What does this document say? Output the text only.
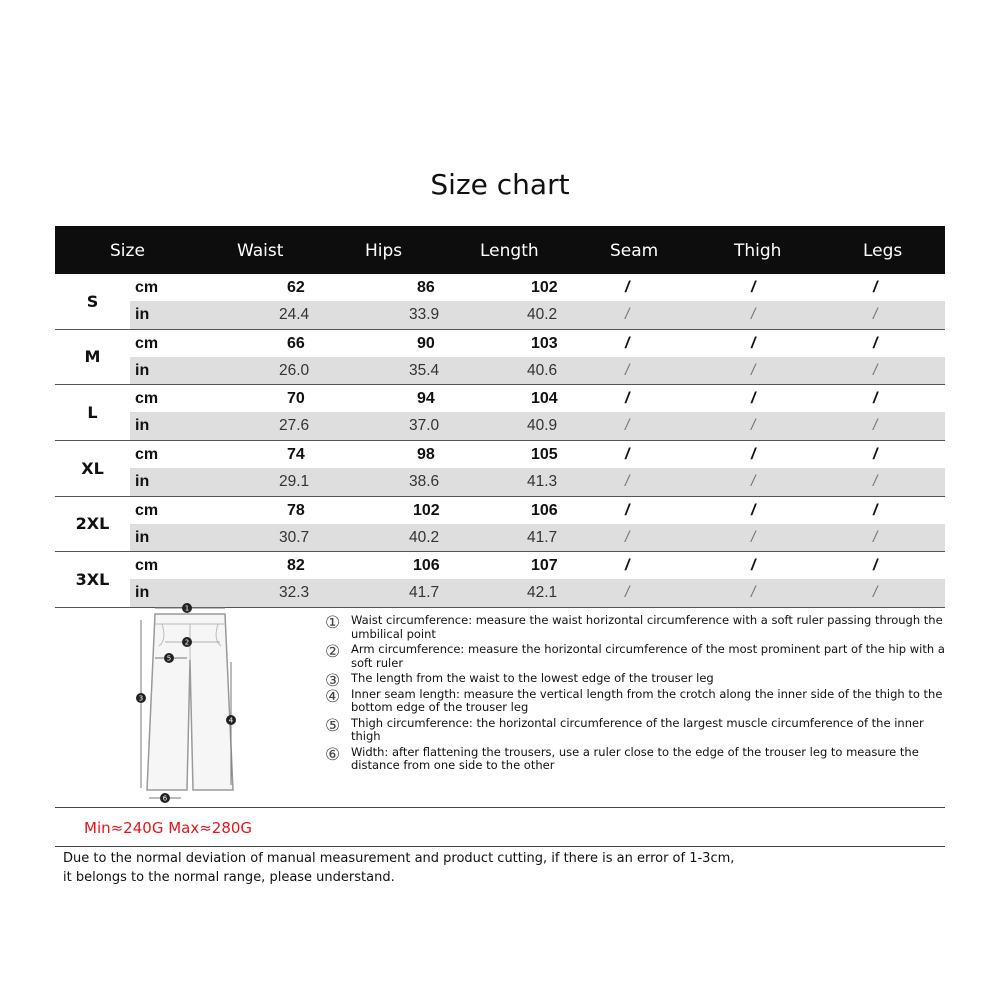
Size chart
Size	Waist	Hips	Length	Seam	Thigh	Legs
S
cm	62	86	102	/	/	/
in	24.4	33.9	40.2	/	/	/
M
cm	66	90	103	/	/	/
in	26.0	35.4	40.6	/	/	/
L
cm	70	94	104	/	/	/
in	27.6	37.0	40.9	/	/	/
XL
cm	74	98	105	/	/	/
in	29.1	38.6	41.3	/	/	/
2XL
cm	78	102	106	/	/	/
in	30.7	40.2	41.7	/	/	/
3XL
cm	82	106	107	/	/	/
in	32.3	41.7	42.1	/	/	/
1
2
3
4
5
6
① Waist circumference: measure the waist horizontal circumference with a soft ruler passing through the umbilical point
② Arm circumference: measure the horizontal circumference of the most prominent part of the hip with a soft ruler
③ The length from the waist to the lowest edge of the trouser leg
④ Inner seam length: measure the vertical length from the crotch along the inner side of the thigh to the bottom edge of the trouser leg
⑤ Thigh circumference: the horizontal circumference of the largest muscle circumference of the inner thigh
⑥ Width: after flattening the trousers, use a ruler close to the edge of the trouser leg to measure the distance from one side to the other
Min≈240G Max≈280G
Due to the normal deviation of manual measurement and product cutting, if there is an error of 1-3cm,
it belongs to the normal range, please understand.
